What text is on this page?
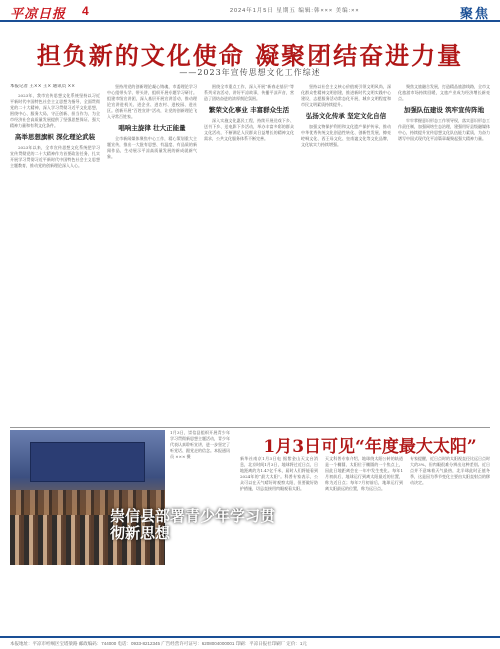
平凉日报 4	2024年1月5日 星期五 编辑:韩××× 美编:××	聚焦
担负新的文化使命 凝聚团结奋进力量
——2023年宣传思想文化工作综述

本报记者 王×× 王× 通讯员 ××

2023年，我市宣传思想文化系统坚持以习近平新时代中国特色社会主义思想为指导，全面贯彻党的二十大精神，深入学习贯彻习近平文化思想，围绕中心、服务大局，守正创新、担当作为，为全市经济社会高质量发展提供了坚强思想保证、强大精神力量和有利文化条件。

高举思想旗帜 深化理论武装

2023年以来，全市宣传思想文化系统把学习宣传贯彻党的二十大精神作为首要政治任务，扎实开展学习贯彻习近平新时代中国特色社会主义思想主题教育，推动党的创新理论深入人心。

坚持用党的创新理论凝心铸魂，市委理论学习中心组带头学、带头讲，组织开展专题学习研讨。组建市级宣讲团，深入基层开展宣讲活动，推动理论宣讲进机关、进企业、进农村、进校园、进社区。创新开展“百姓宣讲”活动，让党的创新理论飞入寻常百姓家。

唱响主旋律 壮大正能量

全市新闻媒体聚焦中心工作，精心策划重大主题宣传，推出一大批有思想、有温度、有品质的新闻作品，生动展示平凉高质量发展的新成就新气象。

围绕全市重点工作，深入开展“新春走基层”等系列采访活动，讲好平凉故事，传播平凉声音，营造了团结奋进的浓厚舆论氛围。

繁荣文化事业 丰富群众生活

深入实施文化惠民工程，持续开展送戏下乡、送书下乡、送电影下乡活动，举办丰富多彩的群众文化活动，不断满足人民群众日益增长的精神文化需求，公共文化服务体系不断完善。

坚持以社会主义核心价值观引领文明风尚，深化群众性精神文明创建，推进新时代文明实践中心建设，志愿服务活动常态化开展，城乡文明程度和市民文明素质持续提升。

弘扬文化传承 坚定文化自信

加强文物保护利用和文化遗产保护传承，推动中华优秀传统文化创造性转化、创新性发展，擦亮崆峒文化、西王母文化、皇甫谧文化等文化品牌，文化软实力持续增强。

聚焦文旅融合发展，打造精品旅游线路，全市文化旅游市场持续回暖，文旅产业成为经济增长新亮点。

加强队伍建设 筑牢宣传阵地

牢牢掌握意识形态工作领导权，落实意识形态工作责任制，加强网络生态治理，建强用好县级融媒体中心，持续提升宣传思想文化队伍能力素质，为奋力谱写中国式现代化平凉篇章凝聚起强大精神力量。

崇信县部署青少年学习贯彻新思想
1月3日，崇信县组织开展青少年学习贯彻新思想主题活动，青少年代表认真聆听宣讲，进一步坚定了听党话、跟党走的信念。本报通讯员 ××× 摄	1月3日可见“年度最大太阳”
新华社南京1月3日电 据紫金山天文台消息，北京时间1月3日，地球将过近日点，日地距离约为1.47亿千米，届时人们将能看到2024年的“最大太阳”。科普专家表示，公众可以在天气晴好时观察太阳，但要做好防护措施，切忌直接用肉眼观看太阳。
天文科普专家介绍，地球绕太阳公转的轨道是一个椭圆，太阳位于椭圆的一个焦点上，因此日地距离会在一年中发生变化。每年1月初前后，地球运行到离太阳最近的位置，称为近日点；每年7月初前后，地球运行到离太阳最远的位置，称为远日点。
专家提醒，近日点时的太阳视直径比远日点时大约3%，但肉眼很难分辨出这种差别。近日点并不意味着天气最热，北半球此时正值冬季，这是因为季节变化主要由太阳直射点的移动决定。
本报地址：平凉市崆峒区宝塔梁路 邮政编码：744000 电话：0933-8212345 广告经营许可证号：6208004000001 印刷：平凉日报社印刷厂 定价：1元
